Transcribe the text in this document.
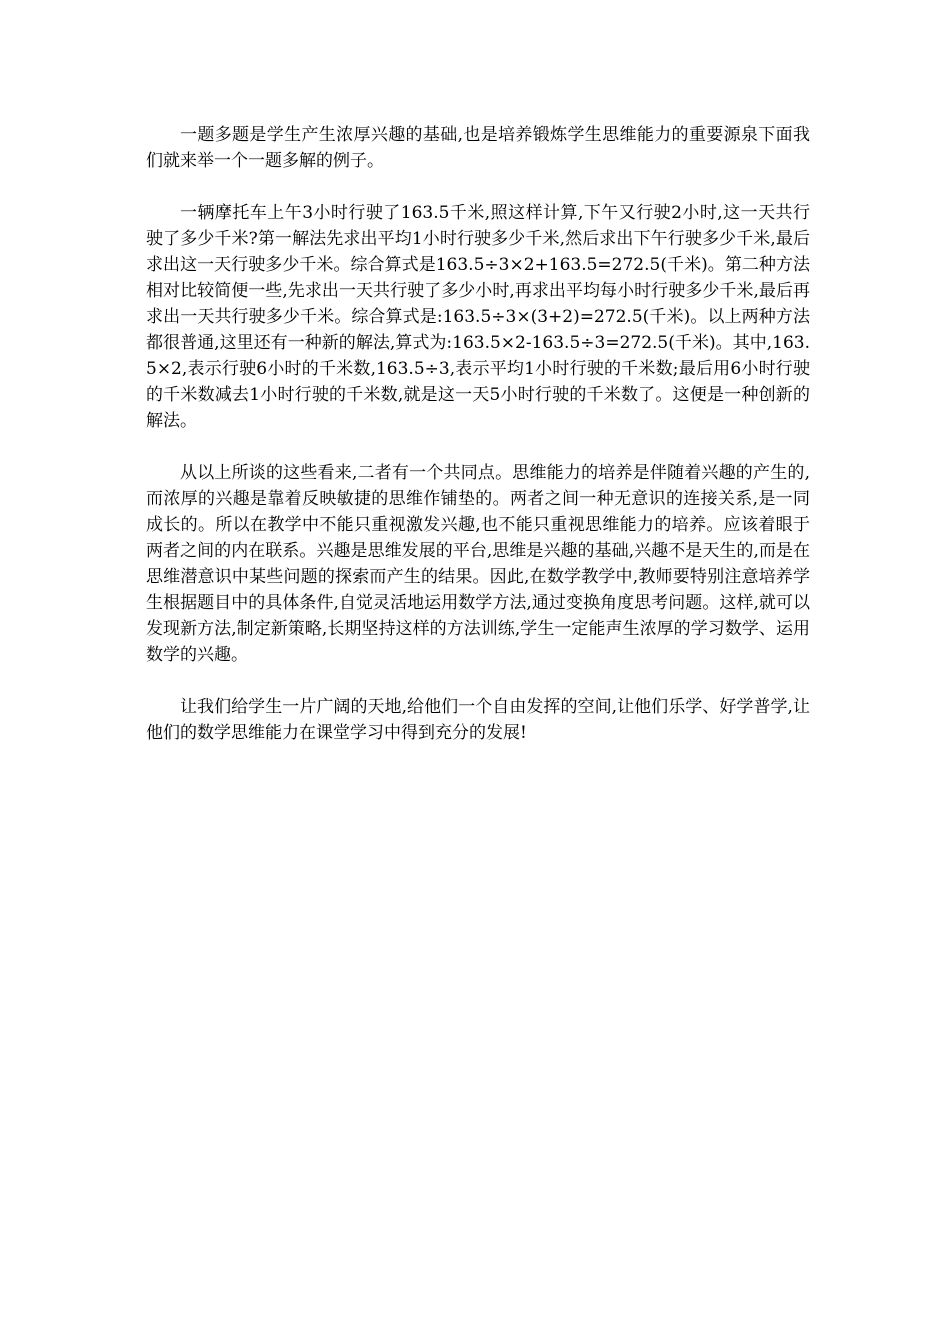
一题多题是学生产生浓厚兴趣的基础,也是培养锻炼学生思维能力的重要源泉下面我们就来举一个一题多解的例子。

一辆摩托车上午3小时行驶了163.5千米,照这样计算,下午又行驶2小时,这一天共行驶了多少千米?第一解法先求出平均1小时行驶多少千米,然后求出下午行驶多少千米,最后求出这一天行驶多少千米。综合算式是163.5÷3×2+163.5=272.5(千米)。第二种方法相对比较简便一些,先求出一天共行驶了多少小时,再求出平均每小时行驶多少千米,最后再求出一天共行驶多少千米。综合算式是:163.5÷3×(3+2)=272.5(千米)。以上两种方法都很普通,这里还有一种新的解法,算式为:163.5×2-163.5÷3=272.5(千米)。其中,163.5×2,表示行驶6小时的千米数,163.5÷3,表示平均1小时行驶的千米数;最后用6小时行驶的千米数减去1小时行驶的千米数,就是这一天5小时行驶的千米数了。这便是一种创新的解法。

从以上所谈的这些看来,二者有一个共同点。思维能力的培养是伴随着兴趣的产生的,而浓厚的兴趣是靠着反映敏捷的思维作铺垫的。两者之间一种无意识的连接关系,是一同成长的。所以在教学中不能只重视激发兴趣,也不能只重视思维能力的培养。应该着眼于两者之间的内在联系。兴趣是思维发展的平台,思维是兴趣的基础,兴趣不是天生的,而是在思维潜意识中某些问题的探索而产生的结果。因此,在数学教学中,教师要特别注意培养学生根据题目中的具体条件,自觉灵活地运用数学方法,通过变换角度思考问题。这样,就可以发现新方法,制定新策略,长期坚持这样的方法训练,学生一定能声生浓厚的学习数学、运用数学的兴趣。

让我们给学生一片广阔的天地,给他们一个自由发挥的空间,让他们乐学、好学普学,让他们的数学思维能力在课堂学习中得到充分的发展!
